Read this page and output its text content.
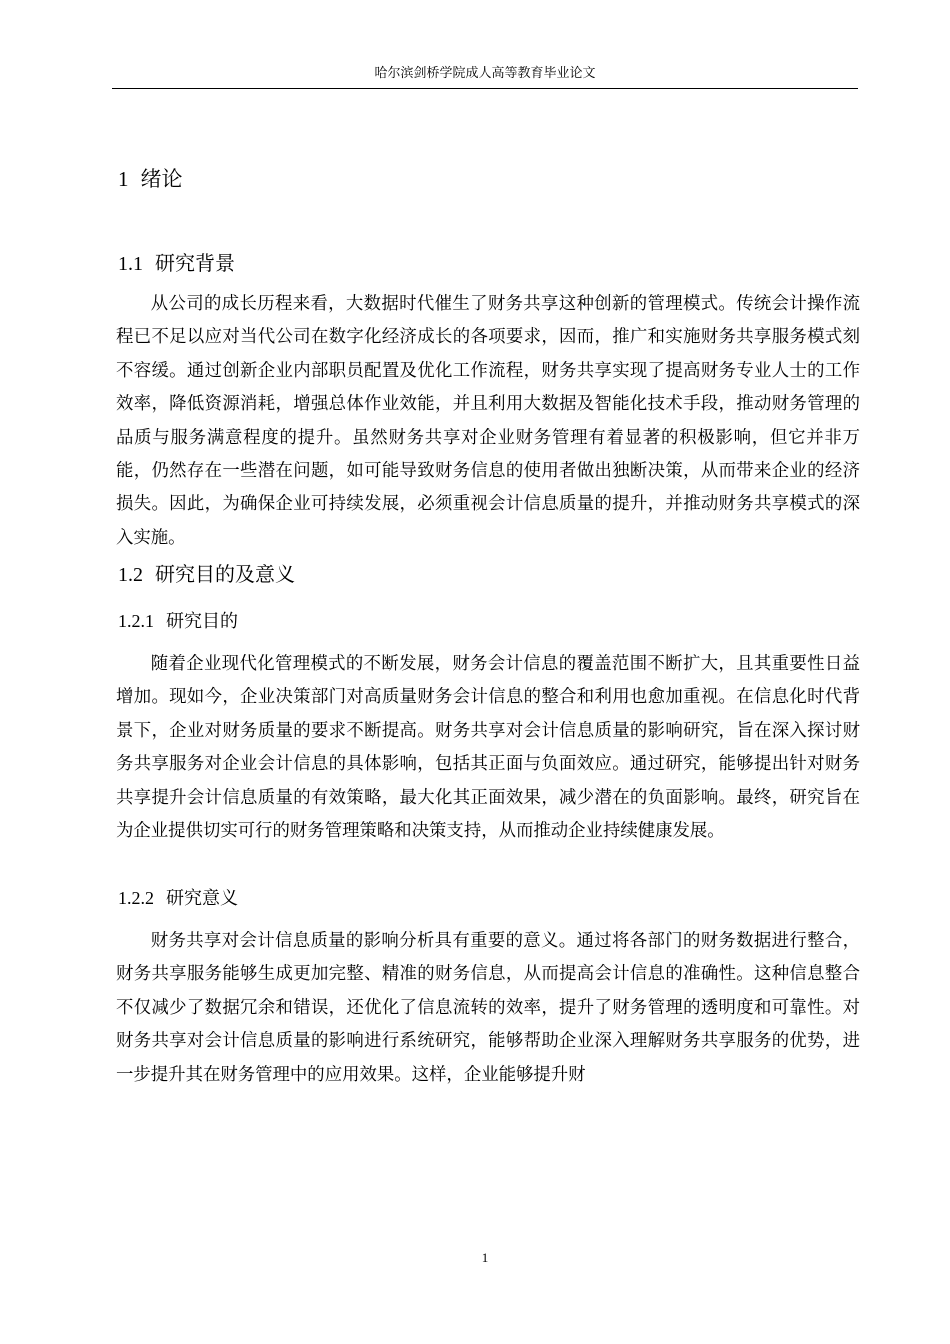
哈尔滨剑桥学院成人高等教育毕业论文
1 绪论
1.1 研究背景

从公司的成长历程来看，大数据时代催生了财务共享这种创新的管理模式。传统会计操作流程已不足以应对当代公司在数字化经济成长的各项要求，因而，推广和实施财务共享服务模式刻不容缓。通过创新企业内部职员配置及优化工作流程，财务共享实现了提高财务专业人士的工作效率，降低资源消耗，增强总体作业效能，并且利用大数据及智能化技术手段，推动财务管理的品质与服务满意程度的提升。虽然财务共享对企业财务管理有着显著的积极影响，但它并非万能，仍然存在一些潜在问题，如可能导致财务信息的使用者做出独断决策，从而带来企业的经济损失。因此，为确保企业可持续发展，必须重视会计信息质量的提升，并推动财务共享模式的深入实施。

1.2 研究目的及意义
1.2.1 研究目的

随着企业现代化管理模式的不断发展，财务会计信息的覆盖范围不断扩大，且其重要性日益增加。现如今，企业决策部门对高质量财务会计信息的整合和利用也愈加重视。在信息化时代背景下，企业对财务质量的要求不断提高。财务共享对会计信息质量的影响研究，旨在深入探讨财务共享服务对企业会计信息的具体影响，包括其正面与负面效应。通过研究，能够提出针对财务共享提升会计信息质量的有效策略，最大化其正面效果，减少潜在的负面影响。最终，研究旨在为企业提供切实可行的财务管理策略和决策支持，从而推动企业持续健康发展。

1.2.2 研究意义

财务共享对会计信息质量的影响分析具有重要的意义。通过将各部门的财务数据进行整合，财务共享服务能够生成更加完整、精准的财务信息，从而提高会计信息的准确性。这种信息整合不仅减少了数据冗余和错误，还优化了信息流转的效率，提升了财务管理的透明度和可靠性。对财务共享对会计信息质量的影响进行系统研究，能够帮助企业深入理解财务共享服务的优势，进一步提升其在财务管理中的应用效果。这样，企业能够提升财

1
